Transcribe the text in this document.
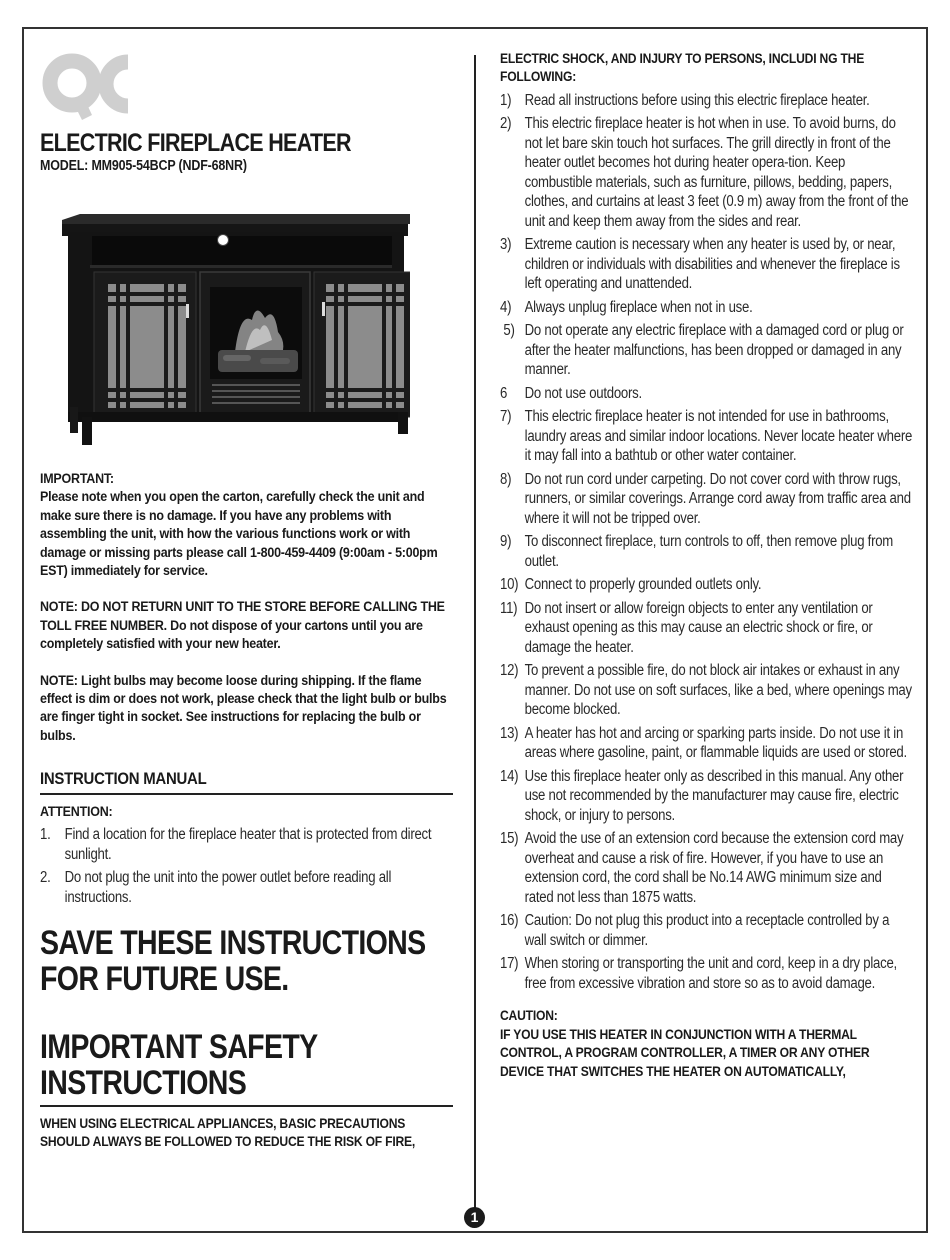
ELECTRIC FIREPLACE HEATER
MODEL: MM905-54BCP (NDF-68NR)
IMPORTANT:
Please note when you open the carton, carefully check the unit and make sure there is no damage. If you have any problems with assembling the unit, with how the various functions work or with damage or missing parts please call 1-800-459-4409 (9:00am - 5:00pm EST) immediately for service.
NOTE: DO NOT RETURN UNIT TO THE STORE BEFORE CALLING THE TOLL FREE NUMBER. Do not dispose of your cartons until you are completely satisfied with your new heater.
NOTE: Light bulbs may become loose during shipping. If the flame effect is dim or does not work, please check that the light bulb or bulbs are finger tight in socket. See instructions for replacing the bulb or bulbs.
INSTRUCTION MANUAL
ATTENTION:
1. Find a location for the fireplace heater that is protected from direct sunlight.
2. Do not plug the unit into the power outlet before reading all instructions.
SAVE THESE INSTRUCTIONS FOR FUTURE USE.
IMPORTANT SAFETY INSTRUCTIONS
WHEN USING ELECTRICAL APPLIANCES, BASIC PRECAUTIONS SHOULD ALWAYS BE FOLLOWED TO REDUCE THE RISK OF FIRE,
ELECTRIC SHOCK, AND INJURY TO PERSONS, INCLUDI NG THE FOLLOWING:
1) Read all instructions before using this electric fireplace heater.
2) This electric fireplace heater is hot when in use. To avoid burns, do not let bare skin touch hot surfaces. The grill directly in front of the heater outlet becomes hot during heater opera-tion. Keep combustible materials, such as furniture, pillows, bedding, papers, clothes, and curtains at least 3 feet (0.9 m) away from the front of the unit and keep them away from the sides and rear.
3) Extreme caution is necessary when any heater is used by, or near, children or individuals with disabilities and whenever the fireplace is left operating and unattended.
4) Always unplug fireplace when not in use.
5) Do not operate any electric fireplace with a damaged cord or plug or after the heater malfunctions, has been dropped or damaged in any manner.
6	Do not use outdoors.
7) This electric fireplace heater is not intended for use in bathrooms, laundry areas and similar indoor locations. Never locate heater where it may fall into a bathtub or other water container.
8) Do not run cord under carpeting. Do not cover cord with throw rugs, runners, or similar coverings. Arrange cord away from traffic area and where it will not be tripped over.
9) To disconnect fireplace, turn controls to off, then remove plug from outlet.
10) Connect to properly grounded outlets only.
11) Do not insert or allow foreign objects to enter any ventilation or exhaust opening as this may cause an electric shock or fire, or damage the heater.
12) To prevent a possible fire, do not block air intakes or exhaust in any manner. Do not use on soft surfaces, like a bed, where openings may become blocked.
13) A heater has hot and arcing or sparking parts inside. Do not use it in areas where gasoline, paint, or flammable liquids are used or stored.
14) Use this fireplace heater only as described in this manual. Any other use not recommended by the manufacturer may cause fire, electric shock, or injury to persons.
15) Avoid the use of an extension cord because the extension cord may overheat and cause a risk of fire. However, if you have to use an extension cord, the cord shall be No.14 AWG minimum size and rated not less than 1875 watts.
16) Caution: Do not plug this product into a receptacle controlled by a wall switch or dimmer.
17) When storing or transporting the unit and cord, keep in a dry place, free from excessive vibration and store so as to avoid damage.
CAUTION:
IF YOU USE THIS HEATER IN CONJUNCTION WITH A THERMAL CONTROL, A PROGRAM CONTROLLER, A TIMER OR ANY OTHER DEVICE THAT SWITCHES THE HEATER ON AUTOMATICALLY,
1
